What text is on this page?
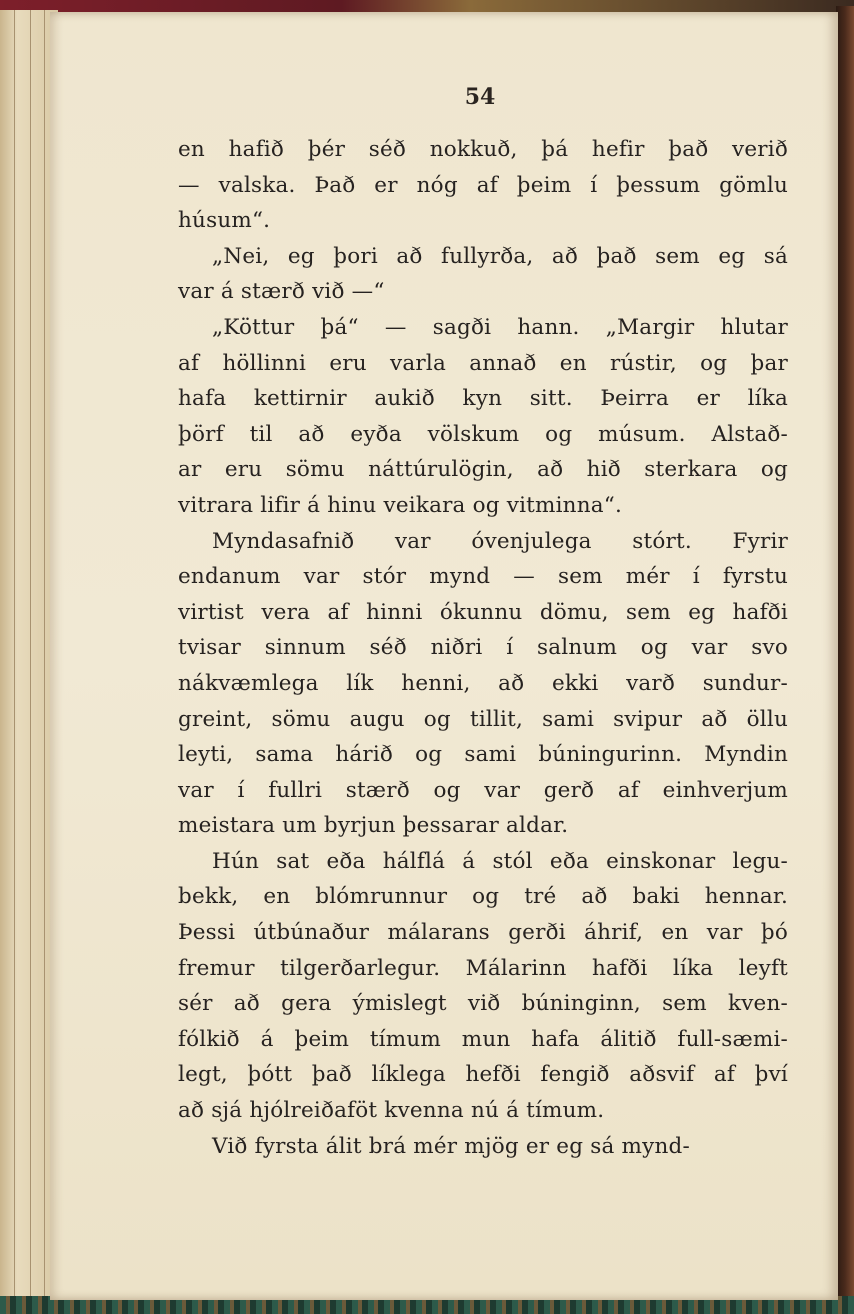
54
en hafið þér séð nokkuð, þá hefir það verið
— valska. Það er nóg af þeim í þessum gömlu
húsum“.
„Nei, eg þori að fullyrða, að það sem eg sá
var á stærð við —“
„Köttur þá“ — sagði hann. „Margir hlutar
af höllinni eru varla annað en rústir, og þar
hafa kettirnir aukið kyn sitt. Þeirra er líka
þörf til að eyða völskum og músum. Alstað-
ar eru sömu náttúrulögin, að hið sterkara og
vitrara lifir á hinu veikara og vitminna“.
Myndasafnið var óvenjulega stórt. Fyrir
endanum var stór mynd — sem mér í fyrstu
virtist vera af hinni ókunnu dömu, sem eg hafði
tvisar sinnum séð niðri í salnum og var svo
nákvæmlega lík henni, að ekki varð sundur-
greint, sömu augu og tillit, sami svipur að öllu
leyti, sama hárið og sami búningurinn. Myndin
var í fullri stærð og var gerð af einhverjum
meistara um byrjun þessarar aldar.
Hún sat eða hálflá á stól eða einskonar legu-
bekk, en blómrunnur og tré að baki hennar.
Þessi útbúnaður málarans gerði áhrif, en var þó
fremur tilgerðarlegur. Málarinn hafði líka leyft
sér að gera ýmislegt við búninginn, sem kven-
fólkið á þeim tímum mun hafa álitið full-sæmi-
legt, þótt það líklega hefði fengið aðsvif af því
að sjá hjólreiðaföt kvenna nú á tímum.
Við fyrsta álit brá mér mjög er eg sá mynd-
